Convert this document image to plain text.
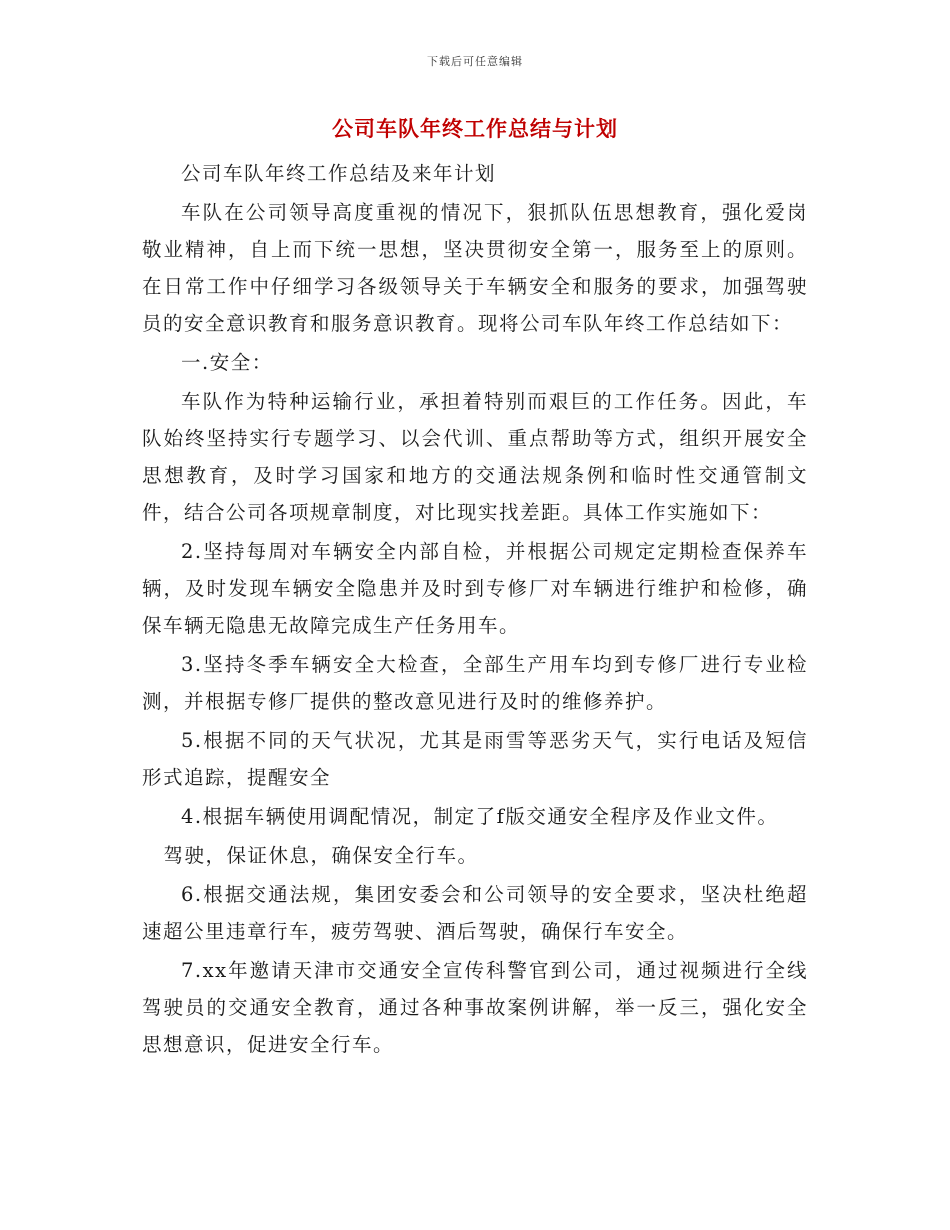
下载后可任意编辑
公司车队年终工作总结与计划

公司车队年终工作总结及来年计划

车队在公司领导高度重视的情况下，狠抓队伍思想教育，强化爱岗敬业精神，自上而下统一思想，坚决贯彻安全第一，服务至上的原则。在日常工作中仔细学习各级领导关于车辆安全和服务的要求，加强驾驶员的安全意识教育和服务意识教育。现将公司车队年终工作总结如下：

一.安全：

车队作为特种运输行业，承担着特别而艰巨的工作任务。因此，车队始终坚持实行专题学习、以会代训、重点帮助等方式，组织开展安全思想教育，及时学习国家和地方的交通法规条例和临时性交通管制文件，结合公司各项规章制度，对比现实找差距。具体工作实施如下：

2.坚持每周对车辆安全内部自检，并根据公司规定定期检查保养车辆，及时发现车辆安全隐患并及时到专修厂对车辆进行维护和检修，确保车辆无隐患无故障完成生产任务用车。

3.坚持冬季车辆安全大检查，全部生产用车均到专修厂进行专业检测，并根据专修厂提供的整改意见进行及时的维修养护。

5.根据不同的天气状况，尤其是雨雪等恶劣天气，实行电话及短信形式追踪，提醒安全

4.根据车辆使用调配情况，制定了f版交通安全程序及作业文件。

驾驶，保证休息，确保安全行车。

6.根据交通法规，集团安委会和公司领导的安全要求，坚决杜绝超速超公里违章行车，疲劳驾驶、酒后驾驶，确保行车安全。

7.xx年邀请天津市交通安全宣传科警官到公司，通过视频进行全线驾驶员的交通安全教育，通过各种事故案例讲解，举一反三，强化安全思想意识，促进安全行车。
